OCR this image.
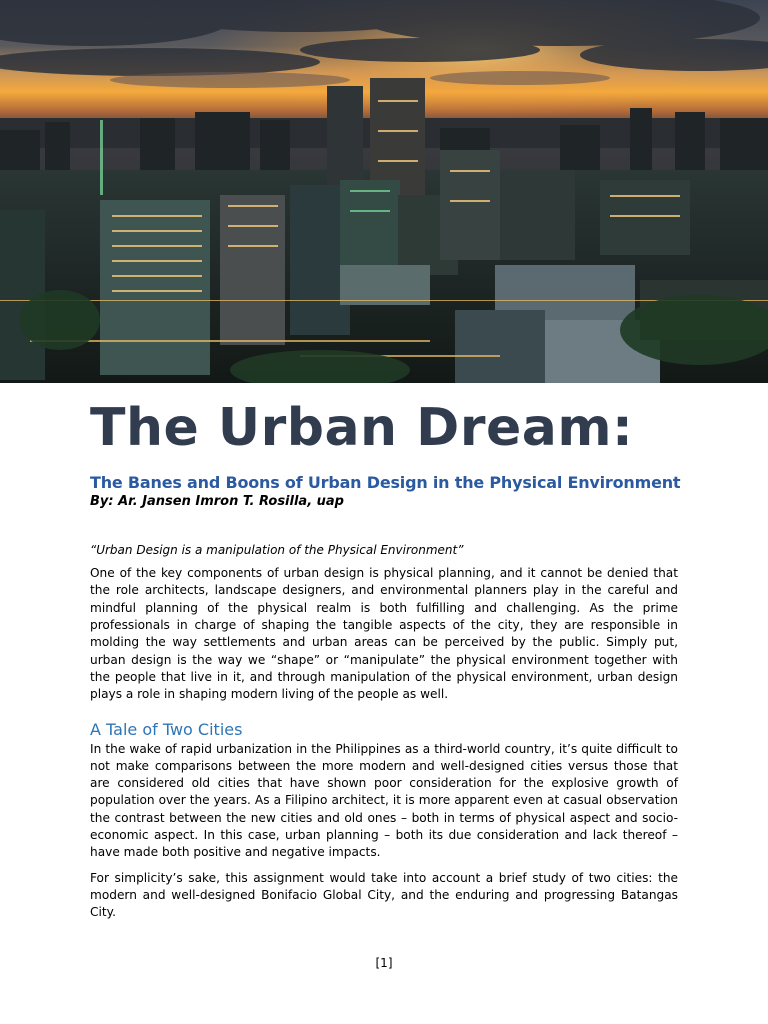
The Urban Dream:
The Banes and Boons of Urban Design in the Physical Environment
By: Ar. Jansen Imron T. Rosilla, uap
“Urban Design is a manipulation of the Physical Environment”

One of the key components of urban design is physical planning, and it cannot be denied that the role architects, landscape designers, and environmental planners play in the careful and mindful planning of the physical realm is both fulfilling and challenging. As the prime professionals in charge of shaping the tangible aspects of the city, they are responsible in molding the way settlements and urban areas can be perceived by the public. Simply put, urban design is the way we “shape” or “manipulate” the physical environment together with the people that live in it, and through manipulation of the physical environment, urban design plays a role in shaping modern living of the people as well.

A Tale of Two Cities

In the wake of rapid urbanization in the Philippines as a third-world country, it’s quite difficult to not make comparisons between the more modern and well-designed cities versus those that are considered old cities that have shown poor consideration for the explosive growth of population over the years. As a Filipino architect, it is more apparent even at casual observation the contrast between the new cities and old ones – both in terms of physical aspect and socio-economic aspect. In this case, urban planning – both its due consideration and lack thereof – have made both positive and negative impacts.

For simplicity’s sake, this assignment would take into account a brief study of two cities: the modern and well-designed Bonifacio Global City, and the enduring and progressing Batangas City.

[1]
